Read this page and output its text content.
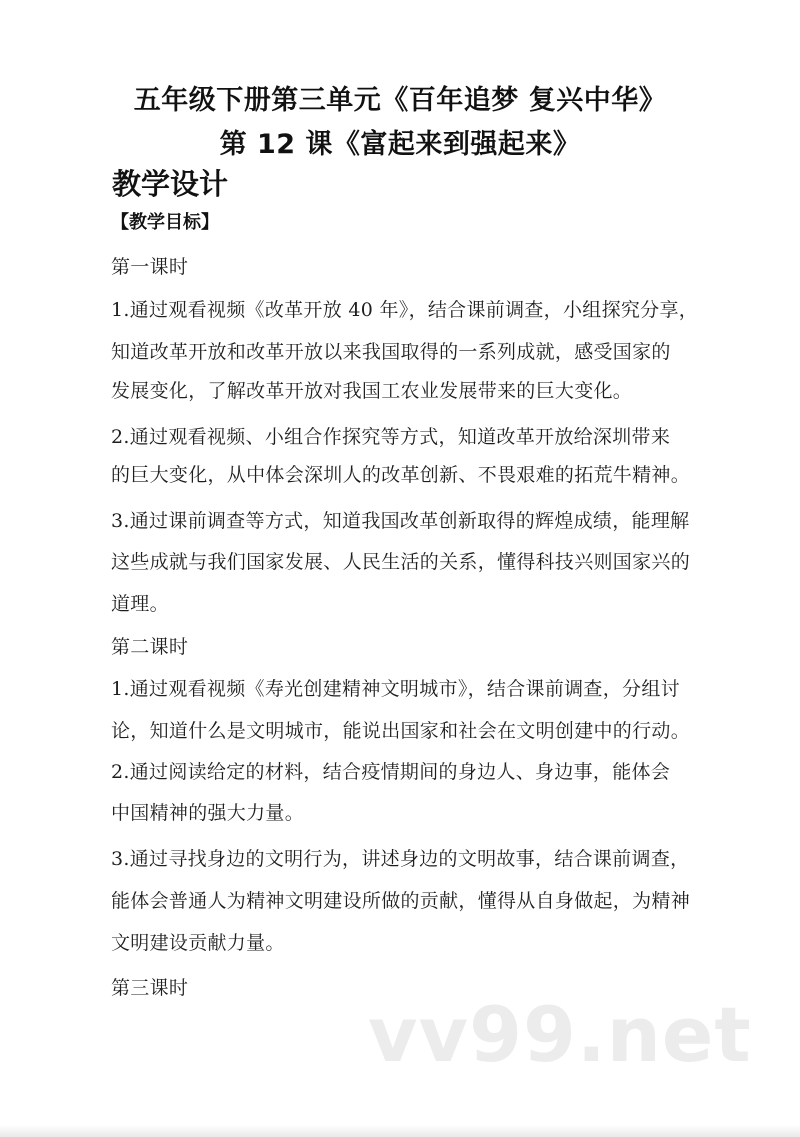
五年级下册第三单元《百年追梦 复兴中华》
第 12 课《富起来到强起来》
教学设计
【教学目标】
第一课时
1.通过观看视频《改革开放 40 年》，结合课前调查，小组探究分享，
知道改革开放和改革开放以来我国取得的一系列成就，感受国家的
发展变化，了解改革开放对我国工农业发展带来的巨大变化。
2.通过观看视频、小组合作探究等方式，知道改革开放给深圳带来
的巨大变化，从中体会深圳人的改革创新、不畏艰难的拓荒牛精神。
3.通过课前调查等方式，知道我国改革创新取得的辉煌成绩，能理解
这些成就与我们国家发展、人民生活的关系，懂得科技兴则国家兴的
道理。
第二课时
1.通过观看视频《寿光创建精神文明城市》，结合课前调查，分组讨
论，知道什么是文明城市，能说出国家和社会在文明创建中的行动。
2.通过阅读给定的材料，结合疫情期间的身边人、身边事，能体会
中国精神的强大力量。
3.通过寻找身边的文明行为，讲述身边的文明故事，结合课前调查，
能体会普通人为精神文明建设所做的贡献，懂得从自身做起，为精神
文明建设贡献力量。
第三课时
vv99.net
